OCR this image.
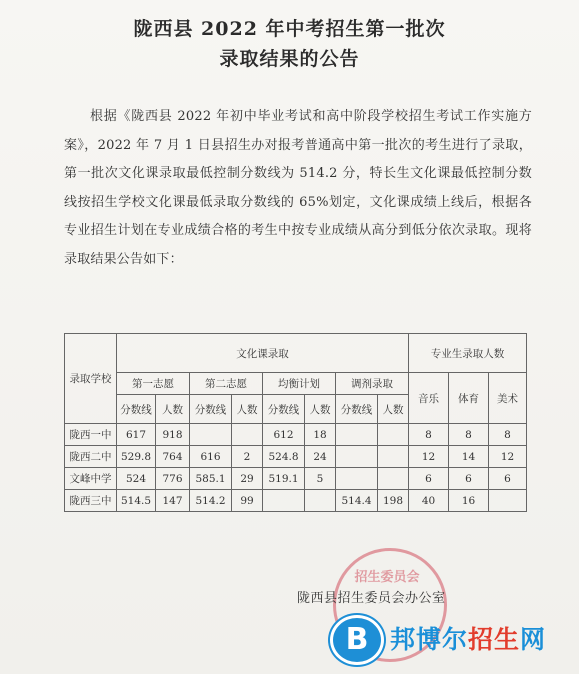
陇西县 2022 年中考招生第一批次
录取结果的公告
根据《陇西县 2022 年初中毕业考试和高中阶段学校招生考试工作实施方案》，2022 年 7 月 1 日县招生办对报考普通高中第一批次的考生进行了录取，第一批次文化课录取最低控制分数线为 514.2 分，特长生文化课最低控制分数线按招生学校文化课最低录取分数线的 65%划定，文化课成绩上线后，根据各专业招生计划在专业成绩合格的考生中按专业成绩从高分到低分依次录取。现将录取结果公告如下：
录取学校	文化课录取								专业生录取人数		
	第一志愿		第二志愿		均衡计划		调剂录取		音乐	体育	美术
	分数线	人数	分数线	人数	分数线	人数	分数线	人数			
陇西一中	617	918			612	18			8	8	8
陇西二中	529.8	764	616	2	524.8	24			12	14	12
文峰中学	524	776	585.1	29	519.1	5			6	6	6
陇西三中	514.5	147	514.2	99			514.4	198	40	16	
招生委员会
陇西县招生委员会办公室
B 邦博尔招生网
